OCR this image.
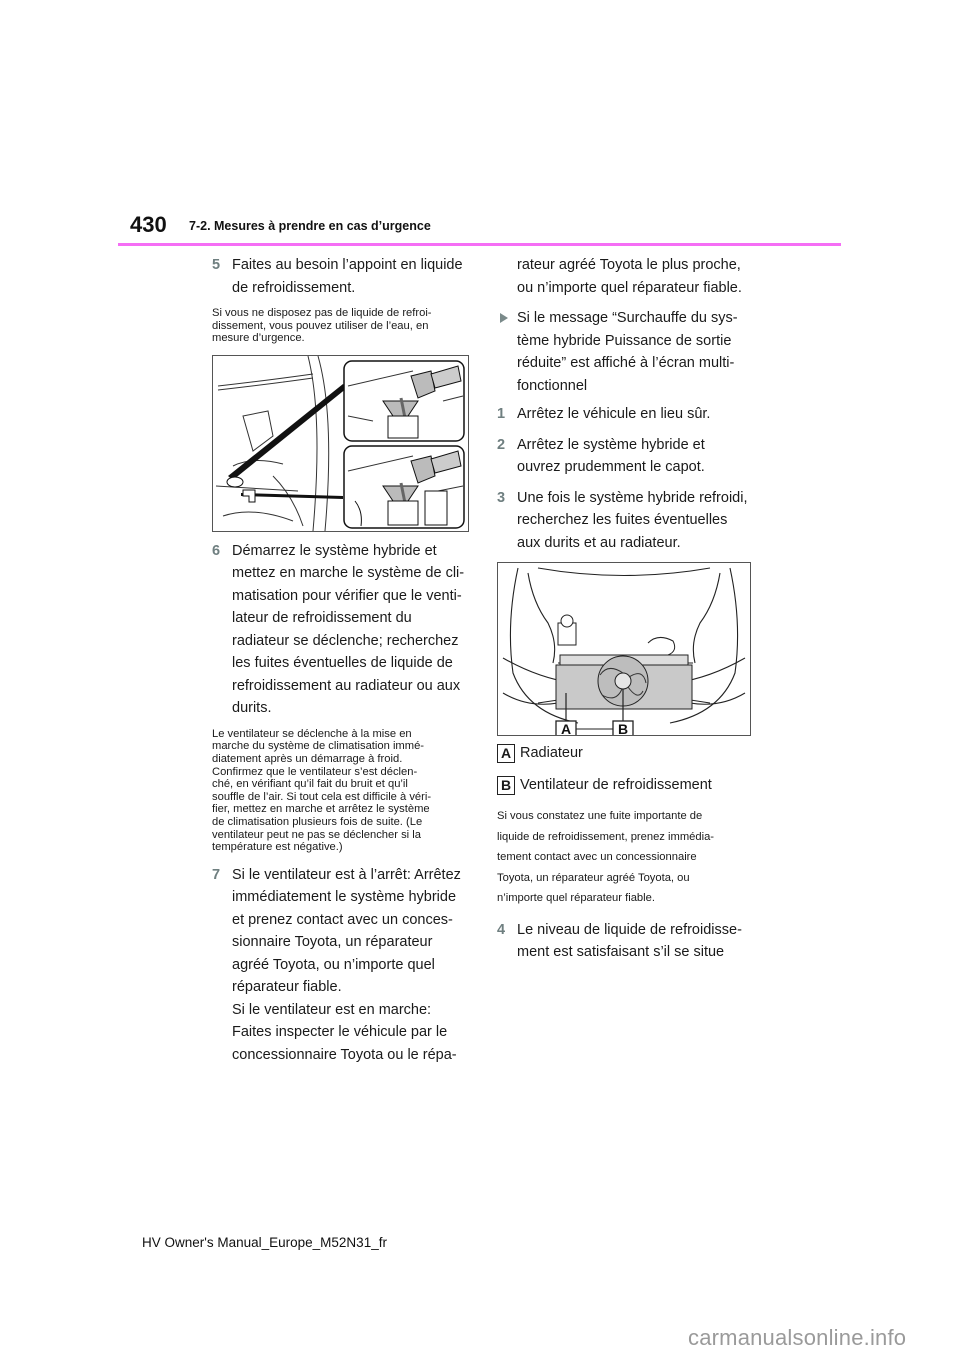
430 7-2. Mesures à prendre en cas d’urgence
5 Faites au besoin l’appoint en liquide
de refroidissement.
Si vous ne disposez pas de liquide de refroi-
dissement, vous pouvez utiliser de l’eau, en
mesure d’urgence.
6 Démarrez le système hybride et
mettez en marche le système de cli-
matisation pour vérifier que le venti-
lateur de refroidissement du
radiateur se déclenche; recherchez
les fuites éventuelles de liquide de
refroidissement au radiateur ou aux
durits.
Le ventilateur se déclenche à la mise en
marche du système de climatisation immé-
diatement après un démarrage à froid.
Confirmez que le ventilateur s’est déclen-
ché, en vérifiant qu’il fait du bruit et qu’il
souffle de l’air. Si tout cela est difficile à véri-
fier, mettez en marche et arrêtez le système
de climatisation plusieurs fois de suite. (Le
ventilateur peut ne pas se déclencher si la
température est négative.)
7 Si le ventilateur est à l’arrêt: Arrêtez
immédiatement le système hybride
et prenez contact avec un conces-
sionnaire Toyota, un réparateur
agréé Toyota, ou n’importe quel
réparateur fiable.
Si le ventilateur est en marche:
Faites inspecter le véhicule par le
concessionnaire Toyota ou le répa-
rateur agréé Toyota le plus proche,
ou n’importe quel réparateur fiable.
Si le message “Surchauffe du sys-
tème hybride Puissance de sortie
réduite” est affiché à l’écran multi-
fonctionnel
1 Arrêtez le véhicule en lieu sûr.
2 Arrêtez le système hybride et
ouvrez prudemment le capot.
3 Une fois le système hybride refroidi,
recherchez les fuites éventuelles
aux durits et au radiateur.
A	B
A Radiateur
B Ventilateur de refroidissement
Si vous constatez une fuite importante de
liquide de refroidissement, prenez immédia-
tement contact avec un concessionnaire
Toyota, un réparateur agréé Toyota, ou
n’importe quel réparateur fiable.
4 Le niveau de liquide de refroidisse-
ment est satisfaisant s’il se situe
HV Owner's Manual_Europe_M52N31_fr
carmanualsonline.info
